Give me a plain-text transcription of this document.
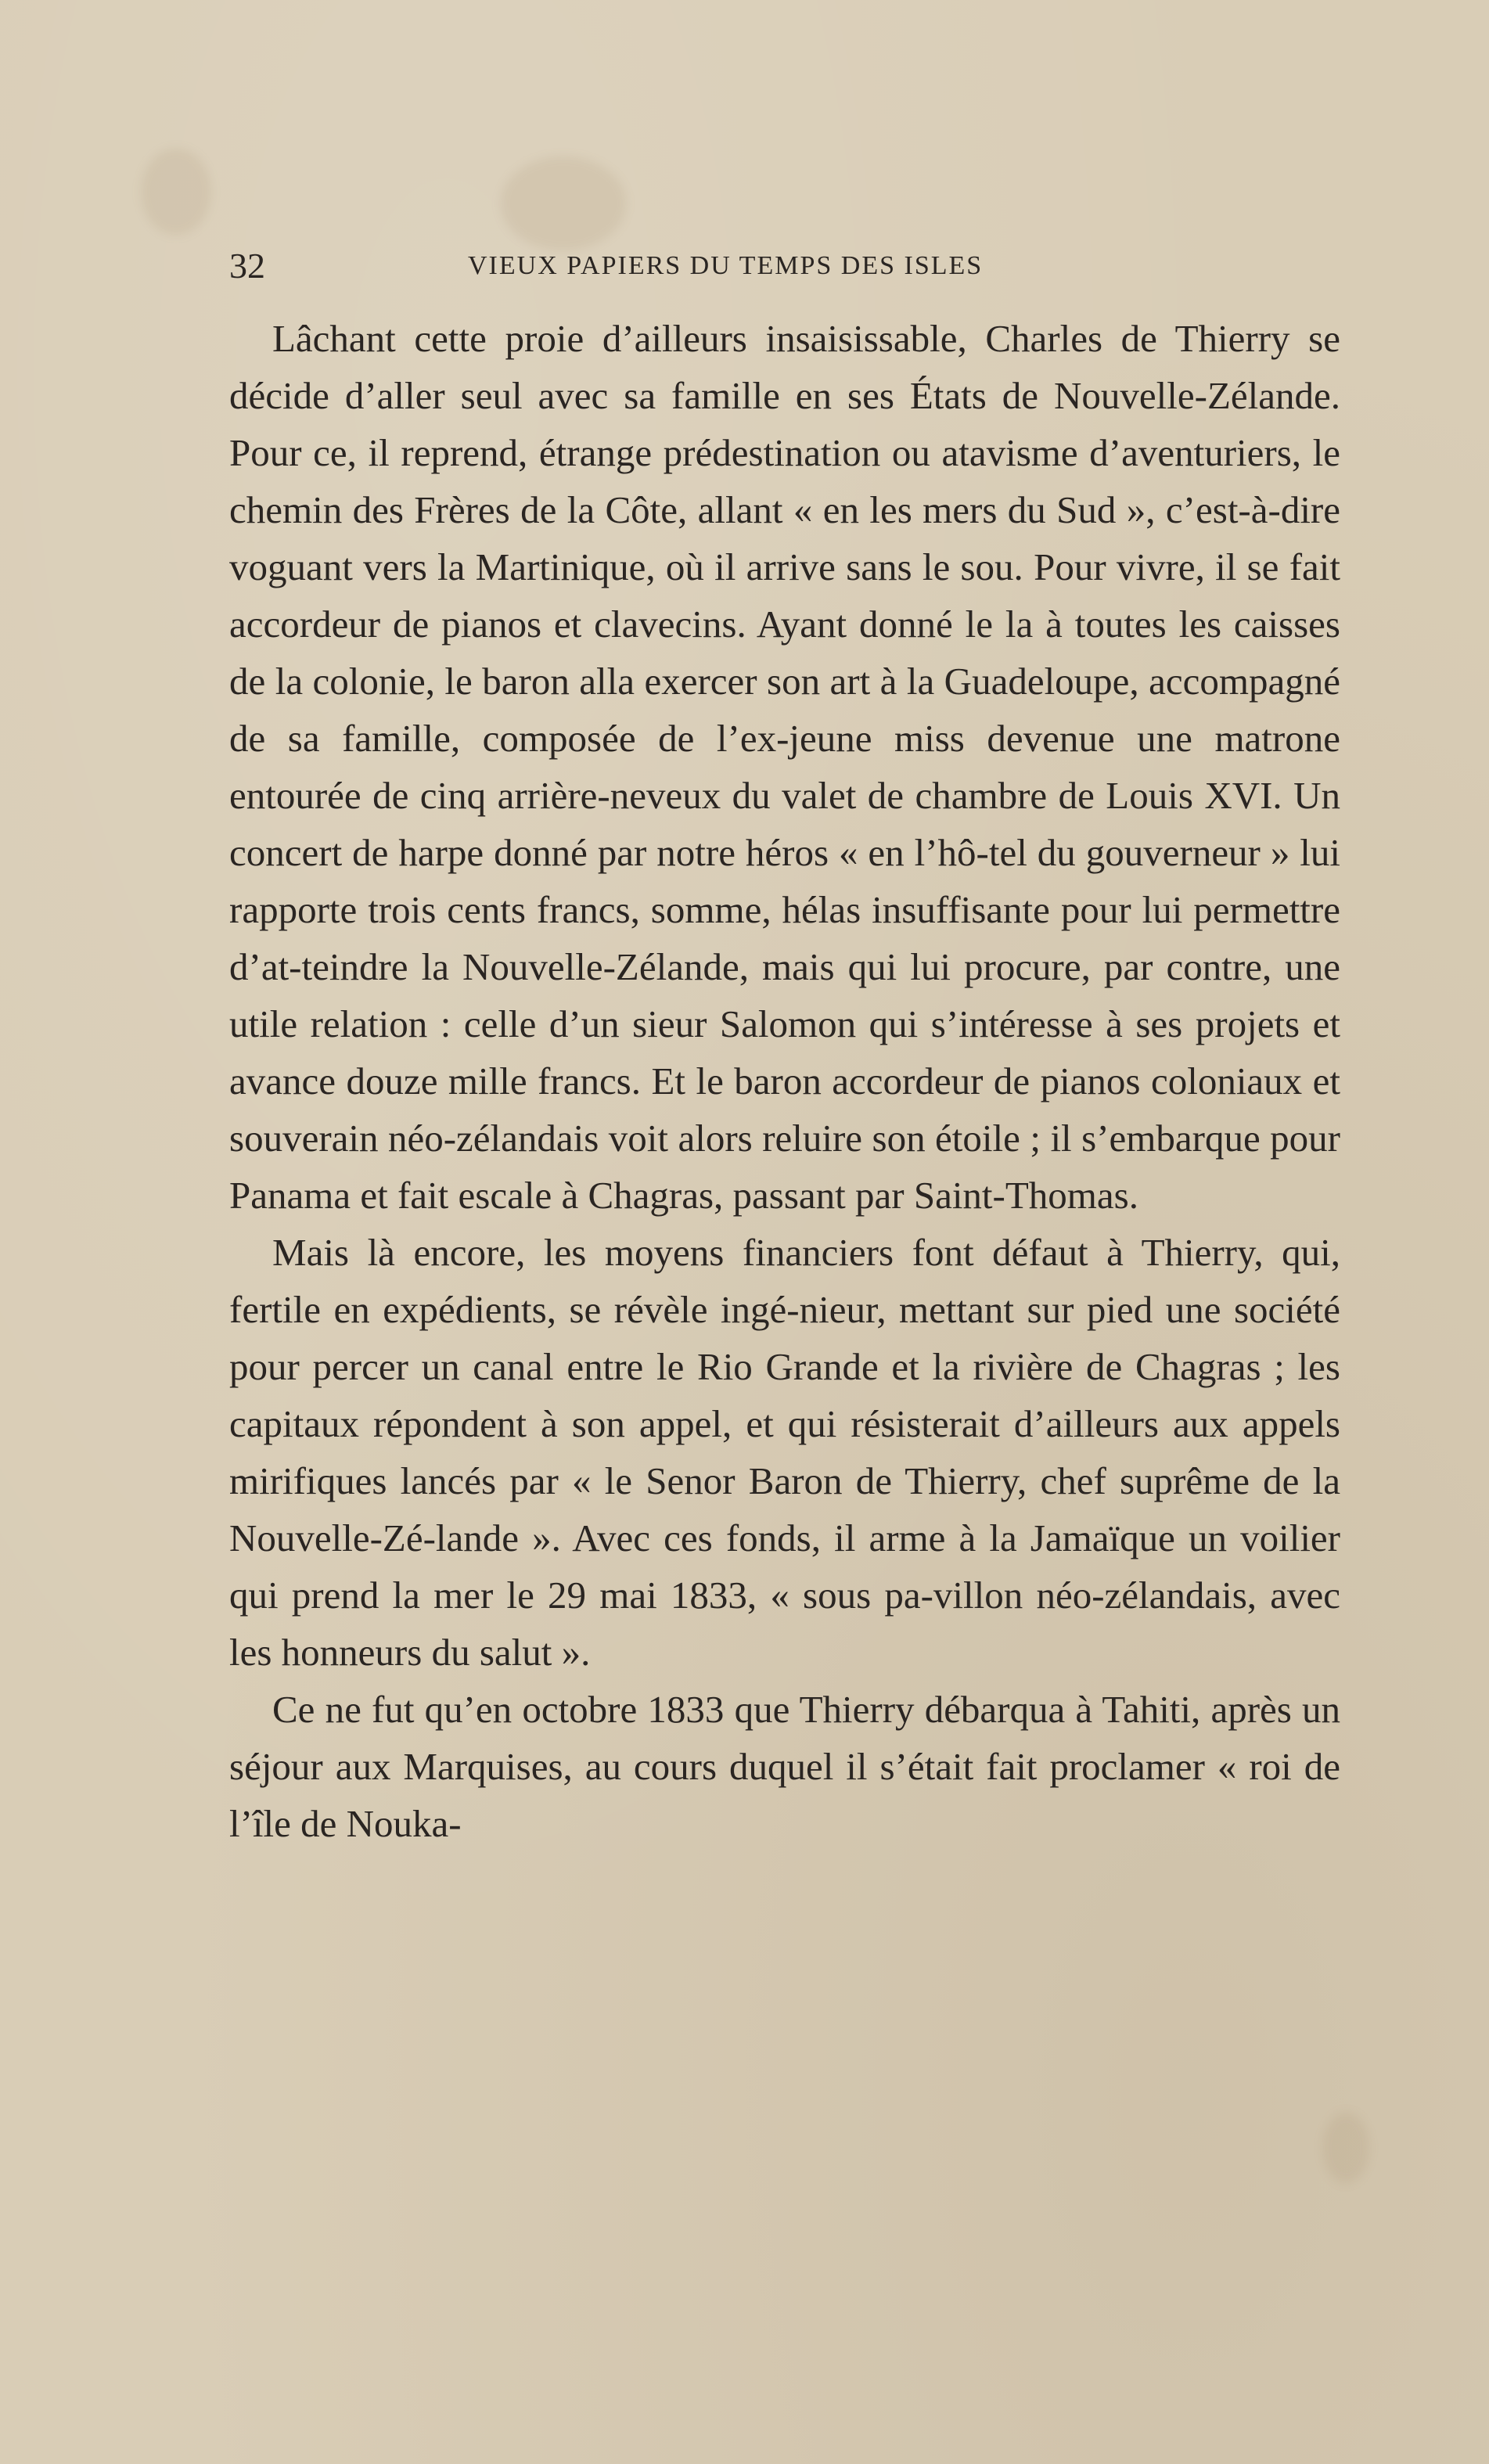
32	VIEUX PAPIERS DU TEMPS DES ISLES

Lâchant cette proie d’ailleurs insaisissable, Charles de Thierry se décide d’aller seul avec sa famille en ses États de Nouvelle-Zélande. Pour ce, il reprend, étrange prédestination ou atavisme d’aventuriers, le chemin des Frères de la Côte, allant « en les mers du Sud », c’est-à-dire voguant vers la Martinique, où il arrive sans le sou. Pour vivre, il se fait accordeur de pianos et clavecins. Ayant donné le la à toutes les caisses de la colonie, le baron alla exercer son art à la Guadeloupe, accompagné de sa famille, composée de l’ex-jeune miss devenue une matrone entourée de cinq arrière-neveux du valet de chambre de Louis XVI. Un concert de harpe donné par notre héros « en l’hô-tel du gouverneur » lui rapporte trois cents francs, somme, hélas insuffisante pour lui permettre d’at-teindre la Nouvelle-Zélande, mais qui lui procure, par contre, une utile relation : celle d’un sieur Salomon qui s’intéresse à ses projets et avance douze mille francs. Et le baron accordeur de pianos coloniaux et souverain néo-zélandais voit alors reluire son étoile ; il s’embarque pour Panama et fait escale à Chagras, passant par Saint-Thomas.

Mais là encore, les moyens financiers font défaut à Thierry, qui, fertile en expédients, se révèle ingé-nieur, mettant sur pied une société pour percer un canal entre le Rio Grande et la rivière de Chagras ; les capitaux répondent à son appel, et qui résisterait d’ailleurs aux appels mirifiques lancés par « le Senor Baron de Thierry, chef suprême de la Nouvelle-Zé-lande ». Avec ces fonds, il arme à la Jamaïque un voilier qui prend la mer le 29 mai 1833, « sous pa-villon néo-zélandais, avec les honneurs du salut ».

Ce ne fut qu’en octobre 1833 que Thierry débarqua à Tahiti, après un séjour aux Marquises, au cours duquel il s’était fait proclamer « roi de l’île de Nouka-
